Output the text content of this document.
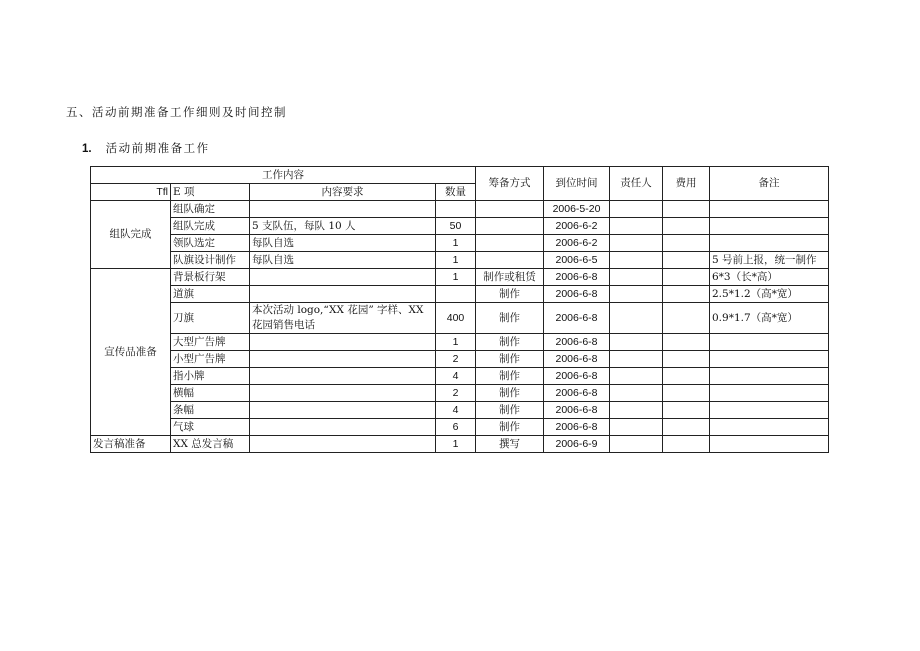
五、活动前期准备工作细则及时间控制
1. 活动前期准备工作
工作内容				筹备方式	到位时间	责任人	费用	备注
Tfl	E 项	内容要求	数量					
组队完成	组队确定				2006-5-20			
	组队完成	5 支队伍，每队 10 人	50		2006-6-2			
	领队选定	每队自选	1		2006-6-2			
	队旗设计制作	每队自选	1		2006-6-5			5 号前上报，统一制作
宣传品准备	背景板行架		1	制作或租赁	2006-6-8			6*3（长*高）
	道旗			制作	2006-6-8			2.5*1.2（高*宽）
	刀旗	本次活动 logo,“XX 花园” 字样、XX 花园销售电话	400	制作	2006-6-8			0.9*1.7（高*宽）
	大型广告牌		1	制作	2006-6-8			
	小型广告牌		2	制作	2006-6-8			
	指小牌		4	制作	2006-6-8			
	横幅		2	制作	2006-6-8			
	条幅		4	制作	2006-6-8			
	气球		6	制作	2006-6-8			
发言稿准备	XX 总发言稿		1	撰写	2006-6-9			
